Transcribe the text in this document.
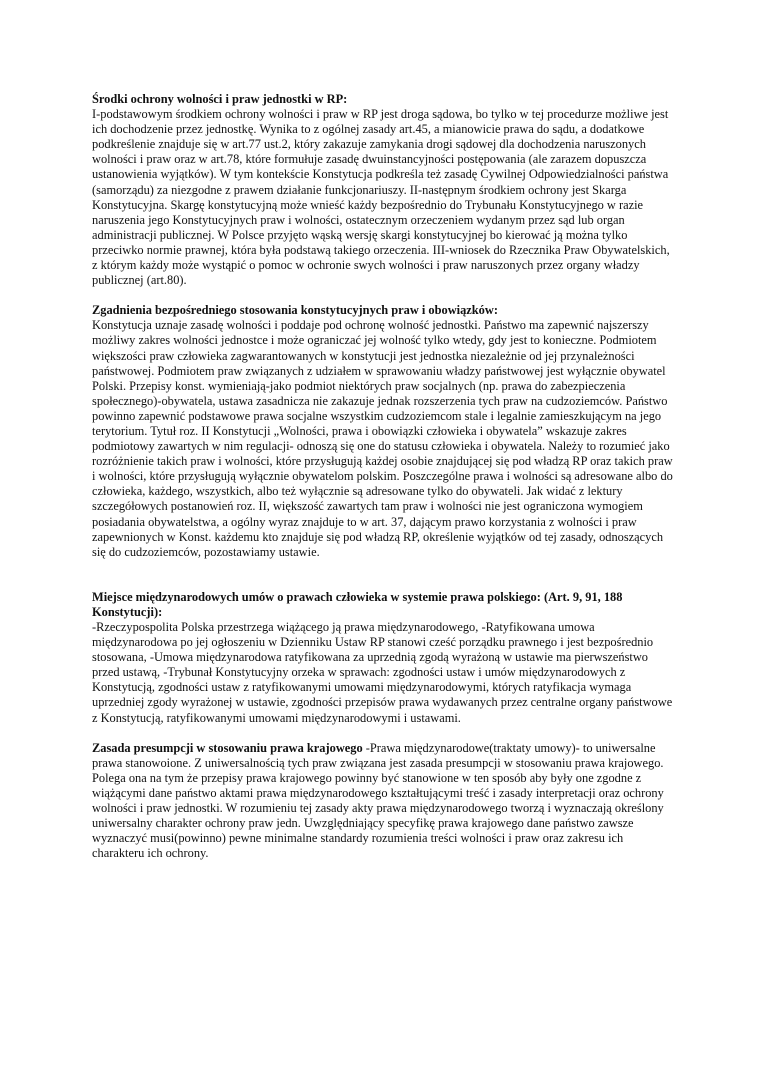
Środki ochrony wolności i praw jednostki w RP:

I-podstawowym środkiem ochrony wolności i praw w RP jest droga sądowa, bo tylko w tej procedurze możliwe jest ich dochodzenie przez jednostkę. Wynika to z ogólnej zasady art.45, a mianowicie prawa do sądu, a dodatkowe podkreślenie znajduje się w art.77 ust.2, który zakazuje zamykania drogi sądowej dla dochodzenia naruszonych wolności i praw oraz w art.78, które formułuje zasadę dwuinstancyjności postępowania (ale zarazem dopuszcza ustanowienia wyjątków). W tym kontekście Konstytucja podkreśla też zasadę Cywilnej Odpowiedzialności państwa (samorządu) za niezgodne z prawem działanie funkcjonariuszy. II-następnym środkiem ochrony jest Skarga Konstytucyjna. Skargę konstytucyjną może wnieść każdy bezpośrednio do Trybunału Konstytucyjnego w razie naruszenia jego Konstytucyjnych praw i wolności, ostatecznym orzeczeniem wydanym przez sąd lub organ administracji publicznej. W Polsce przyjęto wąską wersję skargi konstytucyjnej bo kierować ją można tylko przeciwko normie prawnej, która była podstawą takiego orzeczenia. III-wniosek do Rzecznika Praw Obywatelskich, z którym każdy może wystąpić o pomoc w ochronie swych wolności i praw naruszonych przez organy władzy publicznej (art.80).

Zgadnienia bezpośredniego stosowania konstytucyjnych praw i obowiązków:

Konstytucja uznaje zasadę wolności i poddaje pod ochronę wolność jednostki. Państwo ma zapewnić najszerszy możliwy zakres wolności jednostce i może ograniczać jej wolność tylko wtedy, gdy jest to konieczne. Podmiotem większości praw człowieka zagwarantowanych w konstytucji jest jednostka niezależnie od jej przynależności państwowej. Podmiotem praw związanych z udziałem w sprawowaniu władzy państwowej jest wyłącznie obywatel Polski. Przepisy konst. wymieniają-jako podmiot niektórych praw socjalnych (np. prawa do zabezpieczenia społecznego)-obywatela, ustawa zasadnicza nie zakazuje jednak rozszerzenia tych praw na cudzoziemców. Państwo powinno zapewnić podstawowe prawa socjalne wszystkim cudzoziemcom stale i legalnie zamieszkującym na jego terytorium. Tytuł roz. II Konstytucji „Wolności, prawa i obowiązki człowieka i obywatela” wskazuje zakres podmiotowy zawartych w nim regulacji- odnoszą się one do statusu człowieka i obywatela. Należy to rozumieć jako rozróżnienie takich praw i wolności, które przysługują każdej osobie znajdującej się pod władzą RP oraz takich praw i wolności, które przysługują wyłącznie obywatelom polskim. Poszczególne prawa i wolności są adresowane albo do człowieka, każdego, wszystkich, albo też wyłącznie są adresowane tylko do obywateli. Jak widać z lektury szczegółowych postanowień roz. II, większość zawartych tam praw i wolności nie jest ograniczona wymogiem posiadania obywatelstwa, a ogólny wyraz znajduje to w art. 37, dającym prawo korzystania z wolności i praw zapewnionych w Konst. każdemu kto znajduje się pod władzą RP, określenie wyjątków od tej zasady, odnoszących się do cudzoziemców, pozostawiamy ustawie.

Miejsce międzynarodowych umów o prawach człowieka w systemie prawa polskiego: (Art. 9, 91, 188 Konstytucji):

-Rzeczypospolita Polska przestrzega wiążącego ją prawa międzynarodowego, -Ratyfikowana umowa międzynarodowa po jej ogłoszeniu w Dzienniku Ustaw RP stanowi cześć porządku prawnego i jest bezpośrednio stosowana, -Umowa międzynarodowa ratyfikowana za uprzednią zgodą wyrażoną w ustawie ma pierwszeństwo przed ustawą, -Trybunał Konstytucyjny orzeka w sprawach: zgodności ustaw i umów międzynarodowych z Konstytucją, zgodności ustaw z ratyfikowanymi umowami międzynarodowymi, których ratyfikacja wymaga uprzedniej zgody wyrażonej w ustawie, zgodności przepisów prawa wydawanych przez centralne organy państwowe z Konstytucją, ratyfikowanymi umowami międzynarodowymi i ustawami.

Zasada presumpcji w stosowaniu prawa krajowego -Prawa międzynarodowe(traktaty umowy)- to uniwersalne prawa stanowoione. Z uniwersalnością tych praw związana jest zasada presumpcji w stosowaniu prawa krajowego. Polega ona na tym że przepisy prawa krajowego powinny być stanowione w ten sposób aby były one zgodne z wiążącymi dane państwo aktami prawa międzynarodowego kształtującymi treść i zasady interpretacji oraz ochrony wolności i praw jednostki. W rozumieniu tej zasady akty prawa międzynarodowego tworzą i wyznaczają określony uniwersalny charakter ochrony praw jedn. Uwzględniający specyfikę prawa krajowego dane państwo zawsze wyznaczyć musi(powinno) pewne minimalne standardy rozumienia treści wolności i praw oraz zakresu ich charakteru ich ochrony.
